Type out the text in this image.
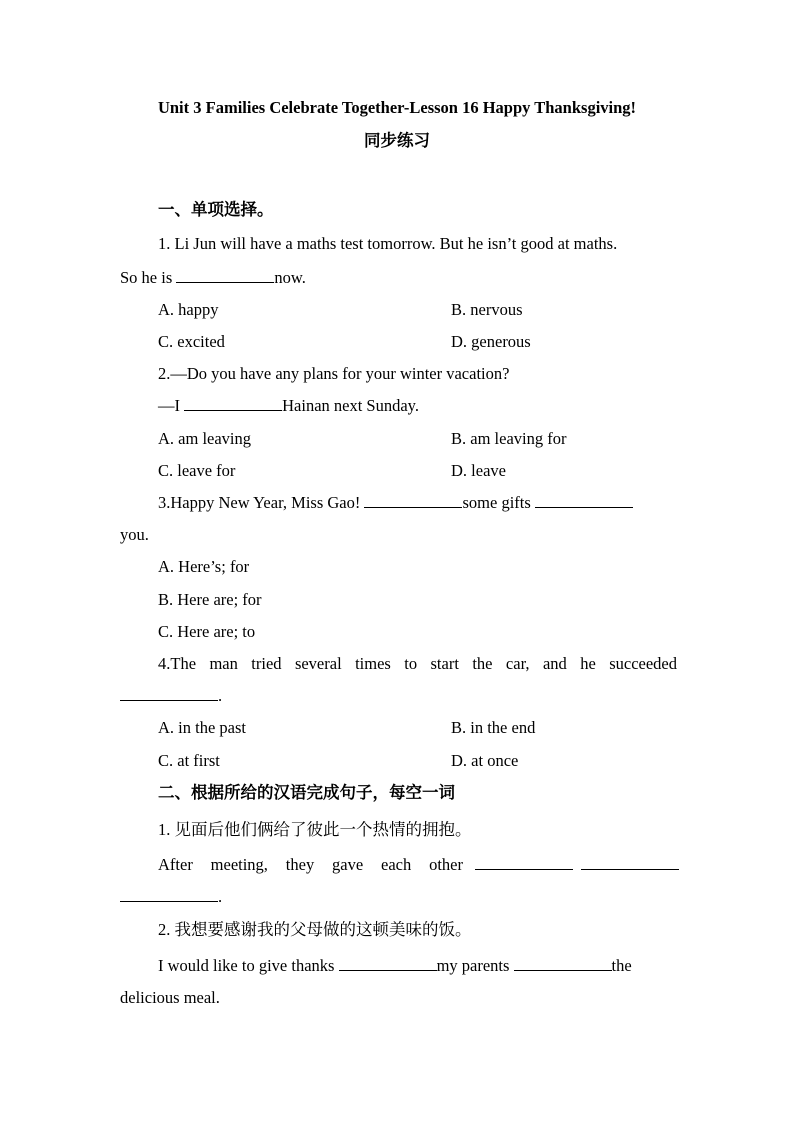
Unit 3 Families Celebrate Together-Lesson 16 Happy Thanksgiving!
同步练习
一、单项选择。
1. Li Jun will have a maths test tomorrow. But he isn’t good at maths.
So he is	now.
A. happy	B. nervous
C. excited	D. generous
2.—Do you have any plans for your winter vacation?
—I	Hainan next Sunday.
A. am leaving	B. am leaving for
C. leave for	D. leave
3.Happy New Year, Miss Gao!	some gifts
you.
A. Here’s; for
B. Here are; for
C. Here are; to
4.The man tried several times to start the car, and he succeeded
.
A. in the past	B. in the end
C. at first	D. at once
二、根据所给的汉语完成句子，每空一词
1. 见面后他们俩给了彼此一个热情的拥抱。
After meeting, they gave each other
.
2. 我想要感谢我的父母做的这顿美味的饭。
I would like to give thanks	my parents	the
delicious meal.
